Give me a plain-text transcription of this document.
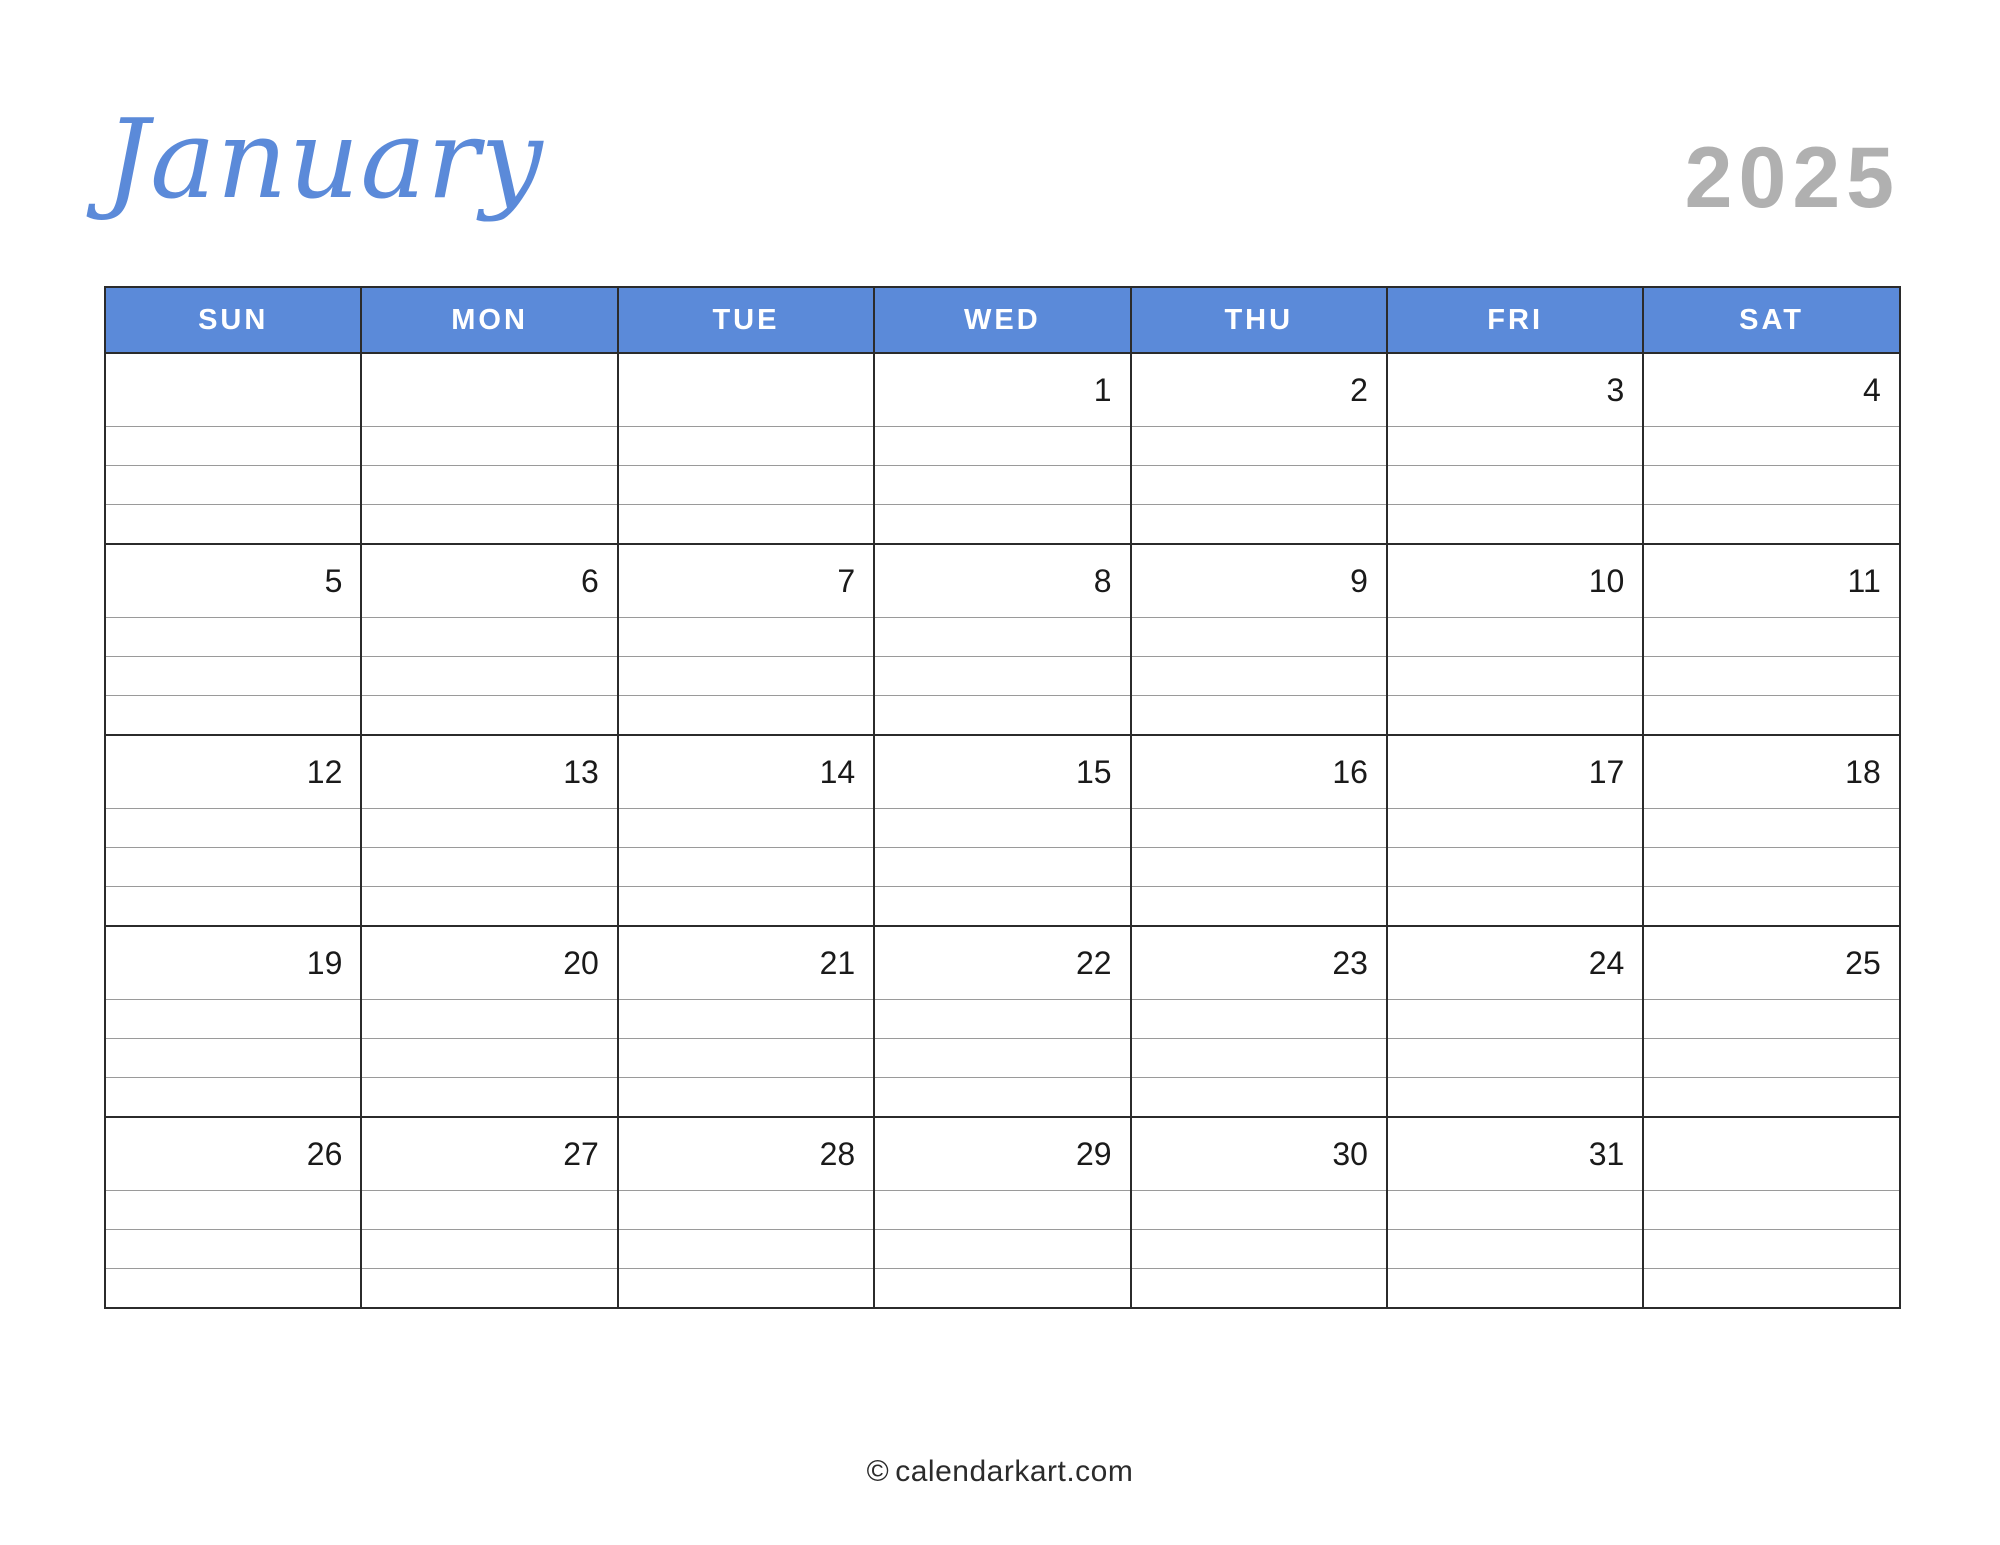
January	2025
SUN	MON	TUE	WED	THU	FRI	SAT

			1	2	3	4

5	6	7	8	9	10	11

12	13	14	15	16	17	18

19	20	21	22	23	24	25

26	27	28	29	30	31	

© calendarkart.com
